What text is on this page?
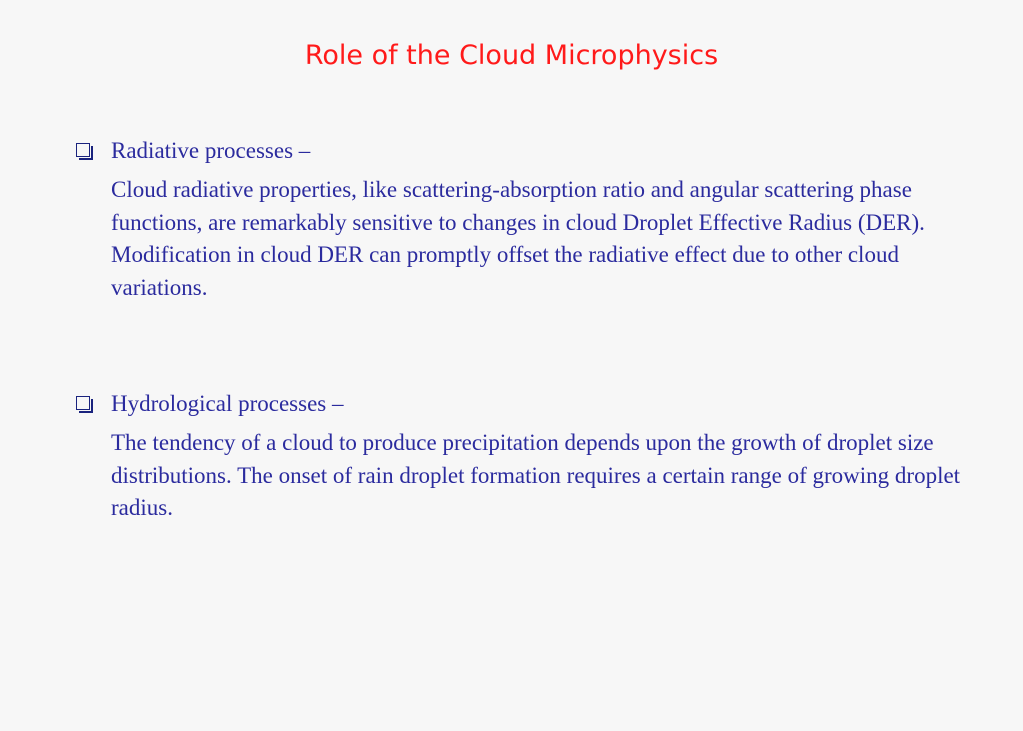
Role of the Cloud Microphysics
Radiative processes –

Cloud radiative properties, like scattering-absorption ratio and angular scattering phase functions, are remarkably sensitive to changes in cloud Droplet Effective Radius (DER). Modification in cloud DER can promptly offset the radiative effect due to other cloud variations.

Hydrological processes –

The tendency of a cloud to produce precipitation depends upon the growth of droplet size distributions. The onset of rain droplet formation requires a certain range of growing droplet radius.
